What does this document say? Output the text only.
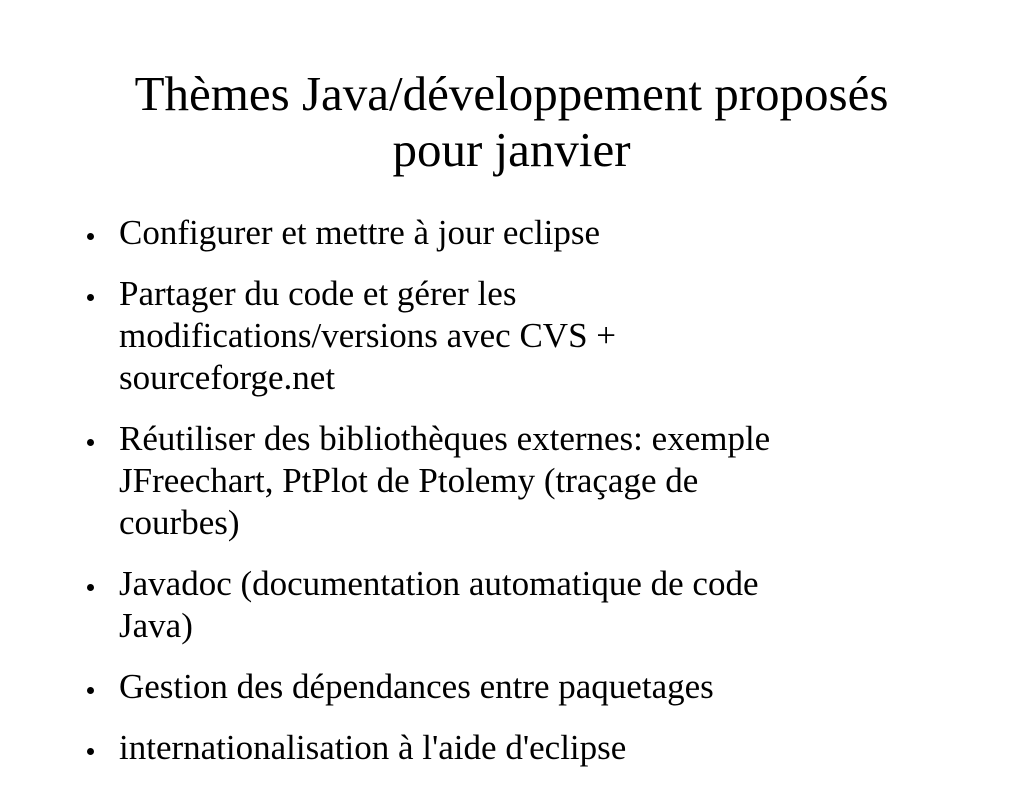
Thèmes Java/développement proposés
pour janvier
Configurer et mettre à jour eclipse
Partager du code et gérer les
modifications/versions avec CVS +
sourceforge.net
Réutiliser des bibliothèques externes: exemple
JFreechart, PtPlot de Ptolemy (traçage de
courbes)
Javadoc (documentation automatique de code
Java)
Gestion des dépendances entre paquetages
internationalisation à l'aide d'eclipse
